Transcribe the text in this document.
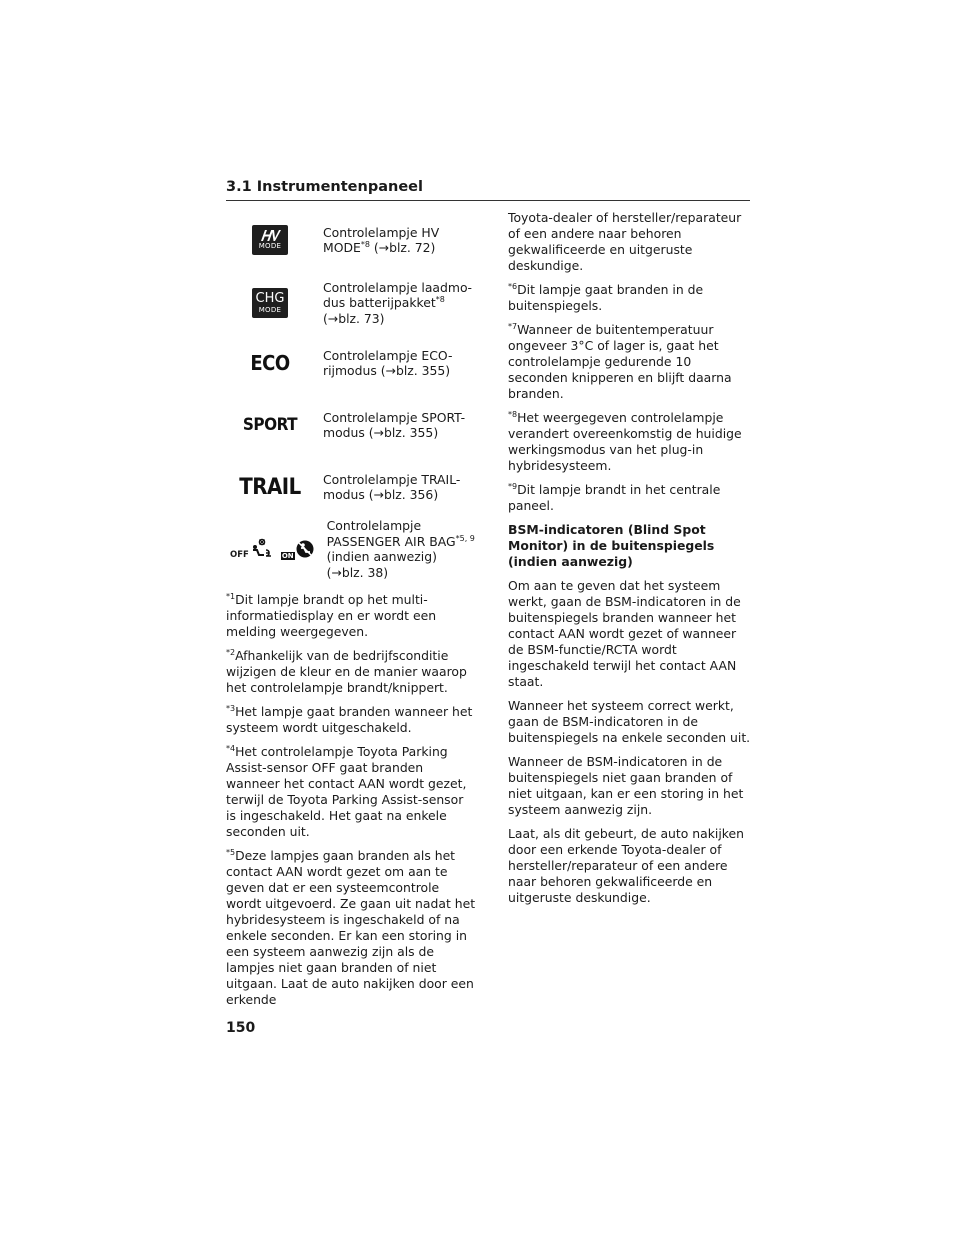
3.1 Instrumentenpaneel
MODE
Controlelampje HV MODE$^{*8}$ (→blz. 72)
CHG
MODE
Controlelampje laadmodus batterijpakket$^{*8}$
(→blz. 73)
ECO	Controlelampje ECO-rijmodus (→blz. 355)
SPORT Controlelampje SPORT-modus (→blz. 355)
TRAIL Controlelampje TRAIL-modus (→blz. 356)
OFF	ON
Controlelampje PASSENGER AIR BAG$^{*5, 9}$
(indien aanwezig) (→blz. 38)

$^{*1}$Dit lampje brandt op het multi-informatiedisplay en er wordt een melding weergegeven.

$^{*2}$Afhankelijk van de bedrijfsconditie wijzigen de kleur en de manier waarop het controlelampje brandt/knippert.

$^{*3}$Het lampje gaat branden wanneer het systeem wordt uitgeschakeld.

$^{*4}$Het controlelampje Toyota Parking Assist-sensor OFF gaat branden wanneer het contact AAN wordt gezet, terwijl de Toyota Parking Assist-sensor is ingeschakeld. Het gaat na enkele seconden uit.

$^{*5}$Deze lampjes gaan branden als het contact AAN wordt gezet om aan te geven dat er een systeemcontrole wordt uitgevoerd. Ze gaan uit nadat het hybridesysteem is ingeschakeld of na enkele seconden. Er kan een storing in een systeem aanwezig zijn als de lampjes niet gaan branden of niet uitgaan. Laat de auto nakijken door een erkende

Toyota-dealer of hersteller/reparateur of een andere naar behoren gekwalificeerde en uitgeruste deskundige.

$^{*6}$Dit lampje gaat branden in de buitenspiegels.

$^{*7}$Wanneer de buitentemperatuur ongeveer 3°C of lager is, gaat het controlelampje gedurende 10 seconden knipperen en blijft daarna branden.

$^{*8}$Het weergegeven controlelampje verandert overeenkomstig de huidige werkingsmodus van het plug-in hybridesysteem.

$^{*9}$Dit lampje brandt in het centrale paneel.

BSM-indicatoren (Blind Spot Monitor) in de buitenspiegels (indien aanwezig)

Om aan te geven dat het systeem werkt, gaan de BSM-indicatoren in de buitenspiegels branden wanneer het contact AAN wordt gezet of wanneer de BSM-functie/RCTA wordt ingeschakeld terwijl het contact AAN staat.

Wanneer het systeem correct werkt, gaan de BSM-indicatoren in de buitenspiegels na enkele seconden uit.

Wanneer de BSM-indicatoren in de buitenspiegels niet gaan branden of niet uitgaan, kan er een storing in het systeem aanwezig zijn.

Laat, als dit gebeurt, de auto nakijken door een erkende Toyota-dealer of hersteller/reparateur of een andere naar behoren gekwalificeerde en uitgeruste deskundige.

150
